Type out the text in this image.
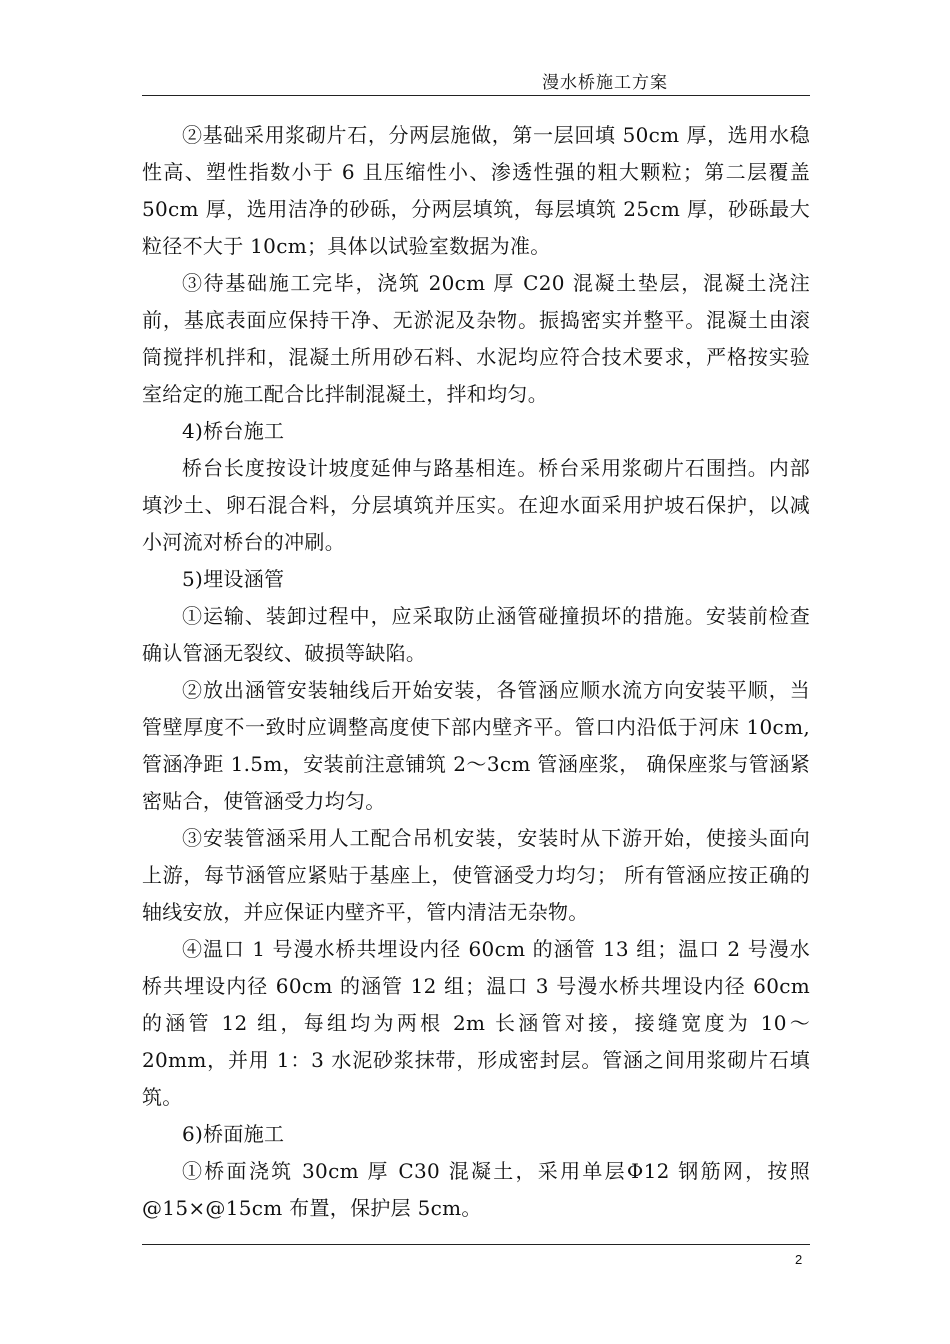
漫水桥施工方案

②基础采用浆砌片石，分两层施做，第一层回填 50cm 厚，选用水稳性高、塑性指数小于 6 且压缩性小、渗透性强的粗大颗粒；第二层覆盖 50cm 厚，选用洁净的砂砾，分两层填筑，每层填筑 25cm 厚，砂砾最大粒径不大于 10cm；具体以试验室数据为准。

③待基础施工完毕，浇筑 20cm 厚 C20 混凝土垫层，混凝土浇注前，基底表面应保持干净、无淤泥及杂物。振捣密实并整平。混凝土由滚筒搅拌机拌和，混凝土所用砂石料、水泥均应符合技术要求，严格按实验室给定的施工配合比拌制混凝土，拌和均匀。

4)桥台施工

桥台长度按设计坡度延伸与路基相连。桥台采用浆砌片石围挡。内部填沙土、卵石混合料，分层填筑并压实。在迎水面采用护坡石保护，以减小河流对桥台的冲刷。

5)埋设涵管

①运输、装卸过程中，应采取防止涵管碰撞损坏的措施。安装前检查确认管涵无裂纹、破损等缺陷。

②放出涵管安装轴线后开始安装，各管涵应顺水流方向安装平顺，当管壁厚度不一致时应调整高度使下部内壁齐平。管口内沿低于河床 10cm,管涵净距 1.5m，安装前注意铺筑 2～3cm 管涵座浆， 确保座浆与管涵紧密贴合，使管涵受力均匀。

③安装管涵采用人工配合吊机安装，安装时从下游开始，使接头面向上游，每节涵管应紧贴于基座上，使管涵受力均匀； 所有管涵应按正确的轴线安放，并应保证内壁齐平，管内清洁无杂物。

④温口 1 号漫水桥共埋设内径 60cm 的涵管 13 组；温口 2 号漫水桥共埋设内径 60cm 的涵管 12 组；温口 3 号漫水桥共埋设内径 60cm 的涵管 12 组，每组均为两根 2m 长涵管对接，接缝宽度为 10～20mm，并用 1：3 水泥砂浆抹带，形成密封层。管涵之间用浆砌片石填筑。

6)桥面施工

①桥面浇筑 30cm 厚 C30 混凝土，采用单层Φ12 钢筋网，按照@15×@15cm 布置，保护层 5cm。

2
